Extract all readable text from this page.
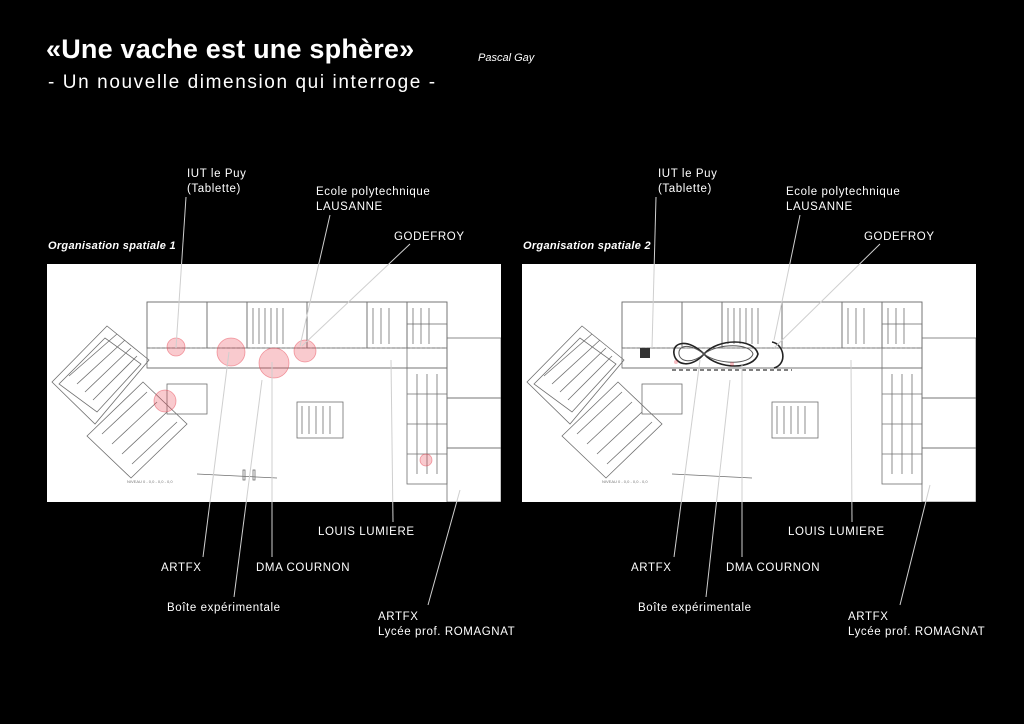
«Une vache est une sphère»	Pascal Gay
- Un nouvelle dimension qui interroge -
Organisation spatiale 1
NIVEAU 0 - 0,0 - 0,0 - 0,0
IUT le Puy
(Tablette)	Ecole polytechnique
LAUSANNE
GODEFROY
LOUIS LUMIERE
ARTFX	DMA COURNON
Boîte expérimentale
ARTFX
Lycée prof. ROMAGNAT
Organisation spatiale 2
NIVEAU 0 - 0,0 - 0,0 - 0,0
IUT le Puy
(Tablette)	Ecole polytechnique
LAUSANNE
GODEFROY
LOUIS LUMIERE
ARTFX	DMA COURNON
Boîte expérimentale
ARTFX
Lycée prof. ROMAGNAT
